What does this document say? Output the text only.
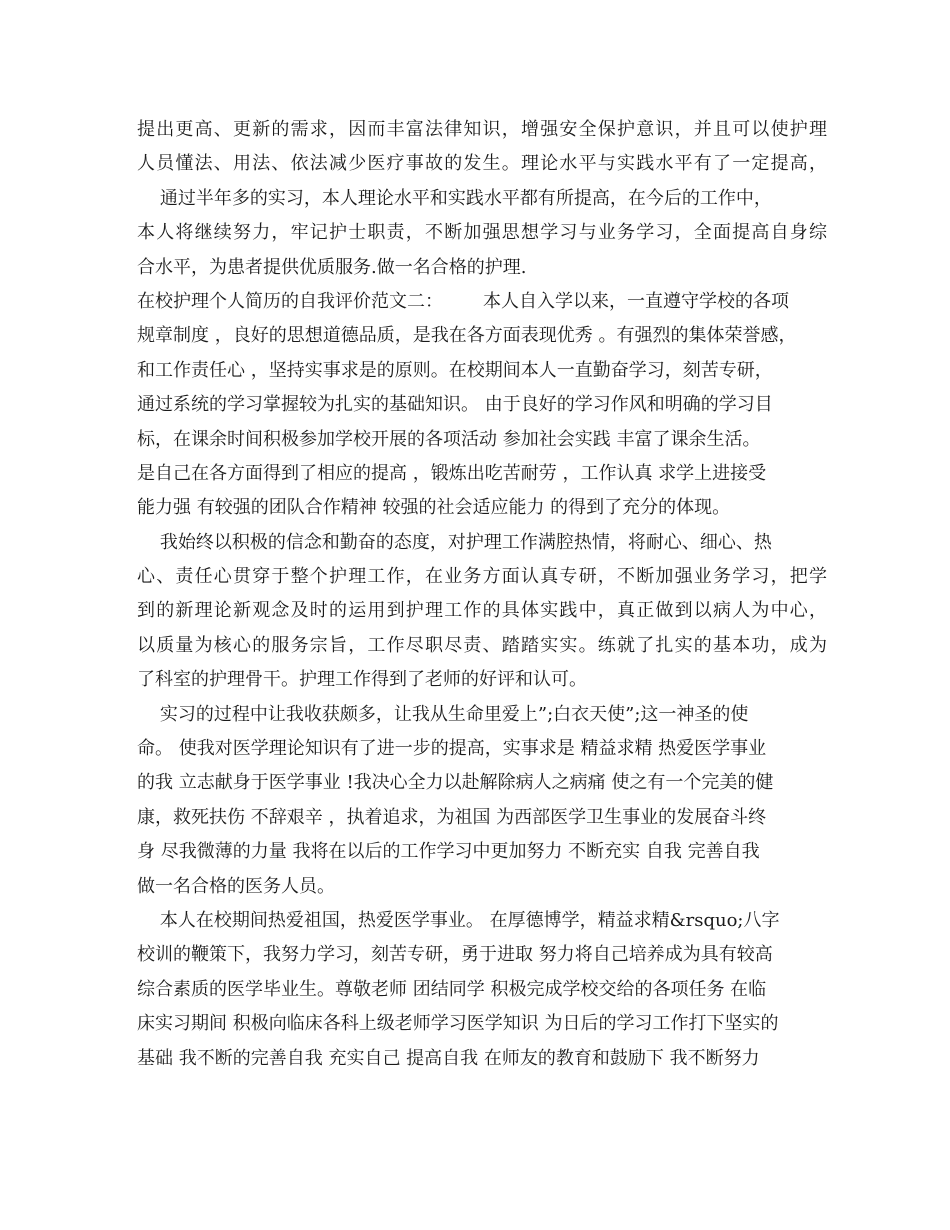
提出更高、更新的需求，因而丰富法律知识，增强安全保护意识，并且可以使护理
人员懂法、用法、依法减少医疗事故的发生。理论水平与实践水平有了一定提高，
通过半年多的实习，本人理论水平和实践水平都有所提高，在今后的工作中，
本人将继续努力，牢记护士职责，不断加强思想学习与业务学习，全面提高自身综
合水平，为患者提供优质服务.做一名合格的护理.
在校护理个人简历的自我评价范文二：       本人自入学以来，一直遵守学校的各项
规章制度 ，良好的思想道德品质，是我在各方面表现优秀 。有强烈的集体荣誉感，
和工作责任心 ，坚持实事求是的原则。在校期间本人一直勤奋学习，刻苦专研，
通过系统的学习掌握较为扎实的基础知识。 由于良好的学习作风和明确的学习目
标，在课余时间积极参加学校开展的各项活动 参加社会实践 丰富了课余生活。
是自己在各方面得到了相应的提高 ，锻炼出吃苦耐劳 ，工作认真 求学上进接受
能力强 有较强的团队合作精神 较强的社会适应能力 的得到了充分的体现。
我始终以积极的信念和勤奋的态度，对护理工作满腔热情，将耐心、细心、热
心、责任心贯穿于整个护理工作，在业务方面认真专研，不断加强业务学习，把学
到的新理论新观念及时的运用到护理工作的具体实践中，真正做到以病人为中心，
以质量为核心的服务宗旨，工作尽职尽责、踏踏实实。练就了扎实的基本功，成为
了科室的护理骨干。护理工作得到了老师的好评和认可。
实习的过程中让我收获颇多，让我从生命里爱上”;白衣天使”;这一神圣的使
命。 使我对医学理论知识有了进一步的提高，实事求是 精益求精 热爱医学事业
的我 立志献身于医学事业 !我决心全力以赴解除病人之病痛 使之有一个完美的健
康，救死扶伤 不辞艰辛 ，执着追求，为祖国 为西部医学卫生事业的发展奋斗终
身 尽我微薄的力量 我将在以后的工作学习中更加努力 不断充实 自我 完善自我
做一名合格的医务人员。
本人在校期间热爱祖国，热爱医学事业。 在厚德博学，精益求精&rsquo;八字
校训的鞭策下，我努力学习，刻苦专研，勇于进取 努力将自己培养成为具有较高
综合素质的医学毕业生。尊敬老师 团结同学 积极完成学校交给的各项任务 在临
床实习期间 积极向临床各科上级老师学习医学知识 为日后的学习工作打下坚实的
基础 我不断的完善自我 充实自己 提高自我 在师友的教育和鼓励下 我不断努力
